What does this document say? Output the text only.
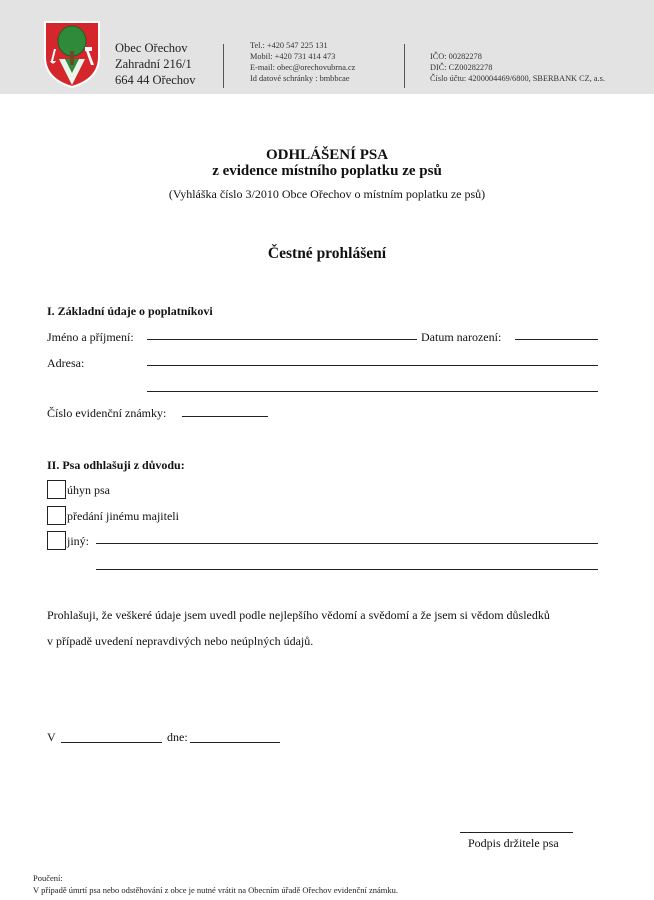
Obec Ořechov
Zahradní 216/1
664 44 Ořechov
Tel.: +420 547 225 131
Mobil: +420 731 414 473
E-mail: obec@orechovubrna.cz
Id datové schránky : bmbbcae
IČO: 00282278
DIČ: CZ00282278
Číslo účtu: 4200004469/6800, SBERBANK CZ, a.s.
ODHLÁŠENÍ PSA
z evidence místního poplatku ze psů
(Vyhláška číslo 3/2010 Obce Ořechov o místním poplatku ze psů)
Čestné prohlášení
I. Základní údaje o poplatníkovi
Jméno a příjmení:	Datum narození:
Adresa:
Číslo evidenční známky:
II. Psa odhlašuji z důvodu:
úhyn psa
předání jinému majiteli
jiný:
Prohlašuji, že veškeré údaje jsem uvedl podle nejlepšího vědomí a svědomí a že jsem si vědom důsledků
v případě uvedení nepravdivých nebo neúplných údajů.
V	dne:
Podpis držitele psa
Poučení:
V případě úmrtí psa nebo odstěhování z obce je nutné vrátit na Obecním úřadě Ořechov evidenční známku.
